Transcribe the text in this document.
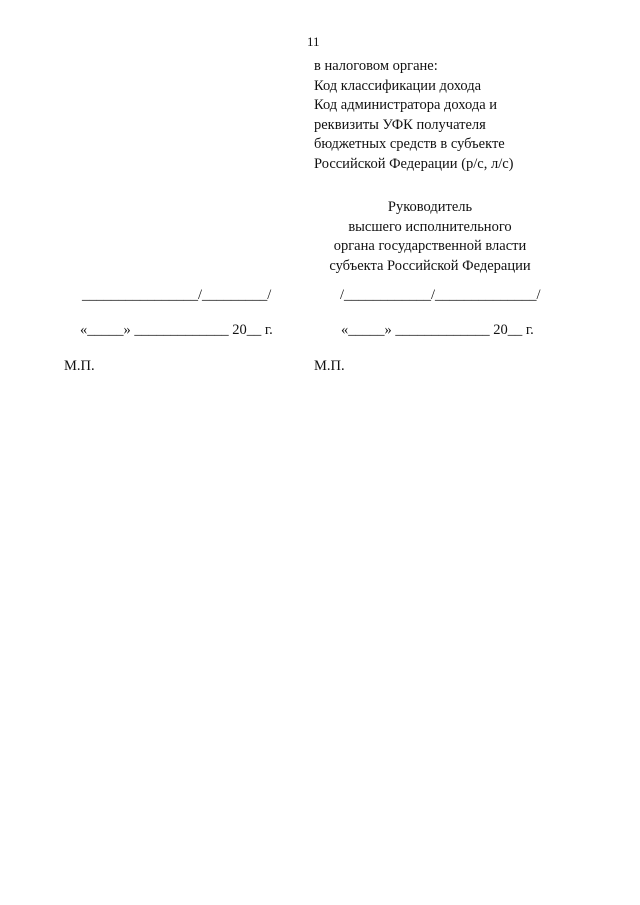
11
в налоговом органе:
Код классификации дохода
Код администратора дохода и
реквизиты УФК получателя
бюджетных средств в субъекте
Российской Федерации (р/с, л/с)
Руководитель
высшего исполнительного
органа государственной власти
субъекта Российской Федерации
________________/_________/	/____________/______________/
«_____» _____________ 20__ г.	«_____» _____________ 20__ г.
М.П.	М.П.
